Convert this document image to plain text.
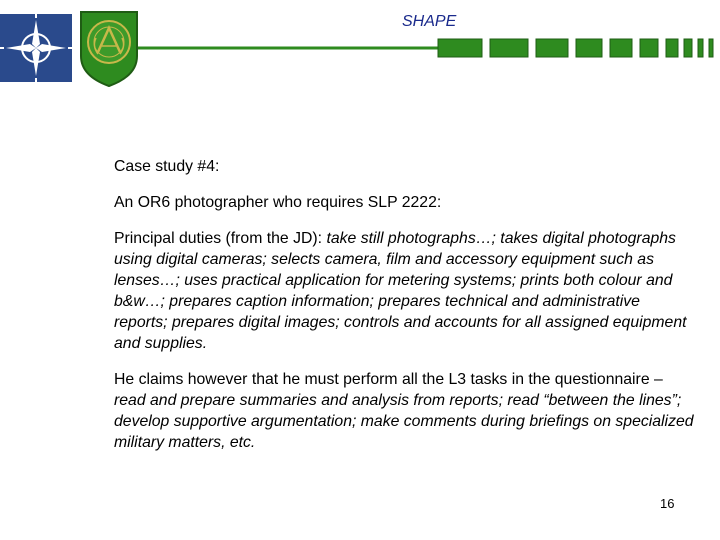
SHAPE

Case study #4:

An OR6 photographer who requires SLP 2222:

Principal duties (from the JD): take still photographs…; takes digital photographs using digital cameras; selects camera, film and accessory equipment such as lenses…; uses practical application for metering systems; prints both colour and b&w…; prepares caption information; prepares technical and administrative reports; prepares digital images; controls and accounts for all assigned equipment and supplies.

He claims however that he must perform all the L3 tasks in the questionnaire – read and prepare summaries and analysis from reports; read “between the lines”; develop supportive argumentation; make comments during briefings on specialized military matters, etc.

16
